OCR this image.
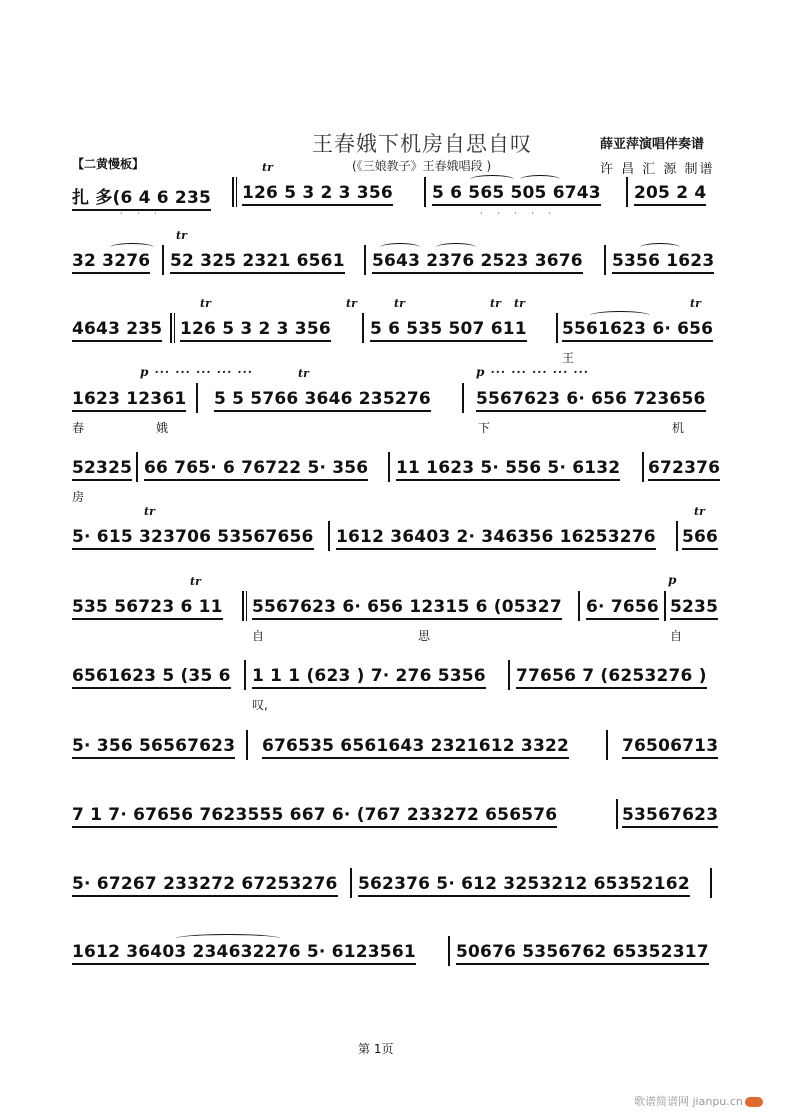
王春娥下机房自思自叹
(《三娘教子》王春娥唱段 )
薛亚萍演唱伴奏谱
许 昌 汇 源 制谱
【二黄慢板】
扎 多(6 4 6 235
tr
126 5 3 2 3 356 5 6 565 505 6743 205 2 4
· · ·	· · · · ·
32 3276
tr
52 325 2321 6561 5643 2376 2523 3676 5356 1623
4643 235
tr	tr
126 5 3 2 3 356
tr	tr tr
5 6 535 507 611
tr
5561623 6· 656
王
p ··· ··· ··· ··· ···
1623 12361
tr
5 5 5766 3646 235276
p ··· ··· ··· ··· ···
5567623 6· 656 723656
春	娥	下	机
52325 66 765· 6 76722 5· 356 11 1623 5· 556 5· 6132 672376
房
tr
5· 615 323706 53567656 1612 36403 2· 346356 16253276
tr
566
tr
535 56723 6 11 5567623 6· 656 12315 6 (05327 6· 7656
p
5235
自	思	自
6561623 5 (35 6 1 1 1 (623 ) 7· 276 5356 77656 7 (6253276 )
叹,
5· 356 56567623 676535 6561643 2321612 3322	76506713
7 1 7· 67656 7623555 667 6· (767 233272 656576	53567623
5· 67267 233272 67253276 562376 5· 612 3253212 65352162
1612 36403 234632276 5· 6123561 50676 5356762 65352317
第 1页
歌谱简谱网 jianpu.cn
